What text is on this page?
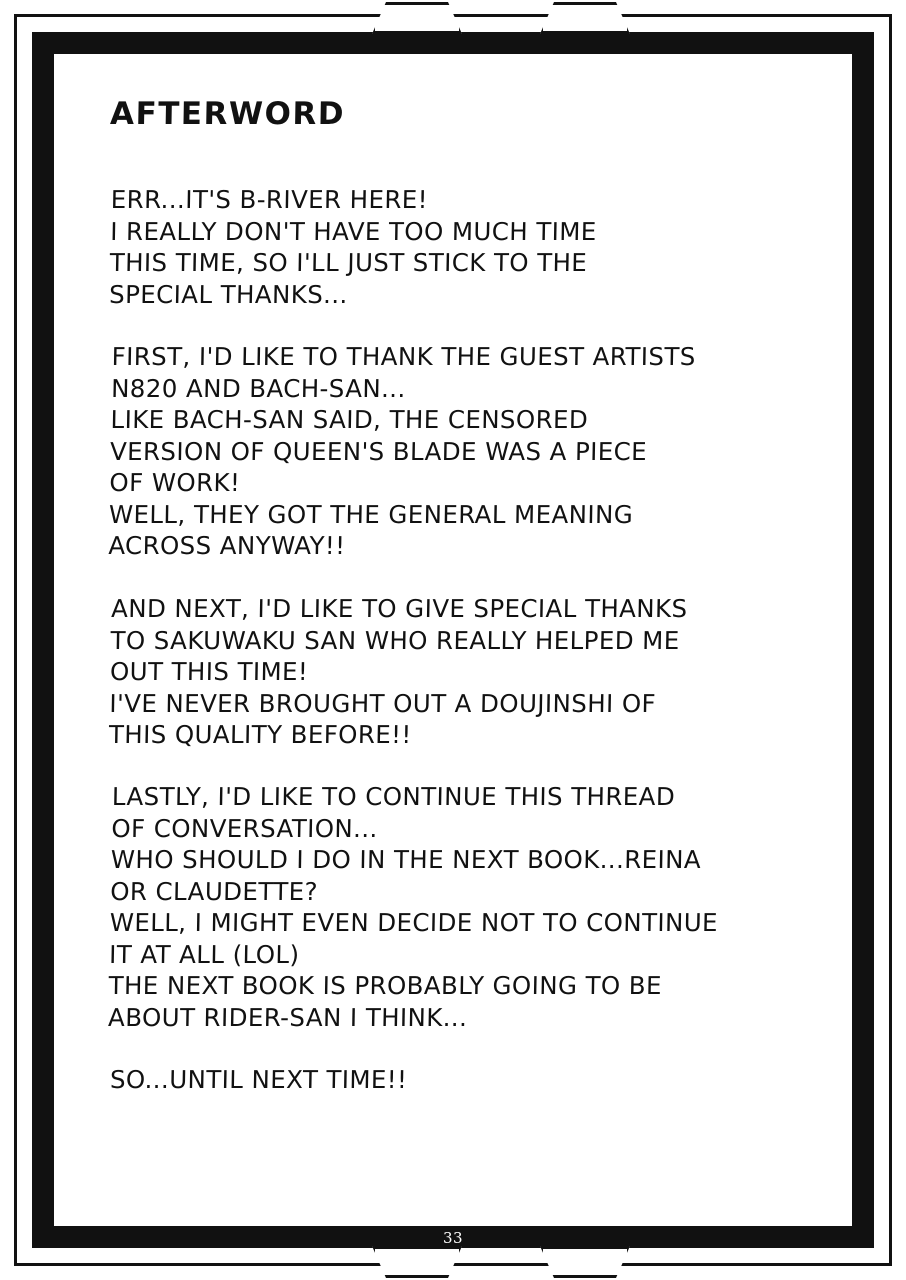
33
AFTERWORD

ERR...IT'S B-RIVER HERE!
I REALLY DON'T HAVE TOO MUCH TIME
THIS TIME, SO I'LL JUST STICK TO THE
SPECIAL THANKS...

FIRST, I'D LIKE TO THANK THE GUEST ARTISTS
N820 AND BACH-SAN...
LIKE BACH-SAN SAID, THE CENSORED
VERSION OF QUEEN'S BLADE WAS A PIECE
OF WORK!
WELL, THEY GOT THE GENERAL MEANING
ACROSS ANYWAY!!

AND NEXT, I'D LIKE TO GIVE SPECIAL THANKS
TO SAKUWAKU SAN WHO REALLY HELPED ME
OUT THIS TIME!
I'VE NEVER BROUGHT OUT A DOUJINSHI OF
THIS QUALITY BEFORE!!

LASTLY, I'D LIKE TO CONTINUE THIS THREAD
OF CONVERSATION...
WHO SHOULD I DO IN THE NEXT BOOK...REINA
OR CLAUDETTE?
WELL, I MIGHT EVEN DECIDE NOT TO CONTINUE
IT AT ALL (LOL)
THE NEXT BOOK IS PROBABLY GOING TO BE
ABOUT RIDER-SAN I THINK...

SO...UNTIL NEXT TIME!!
